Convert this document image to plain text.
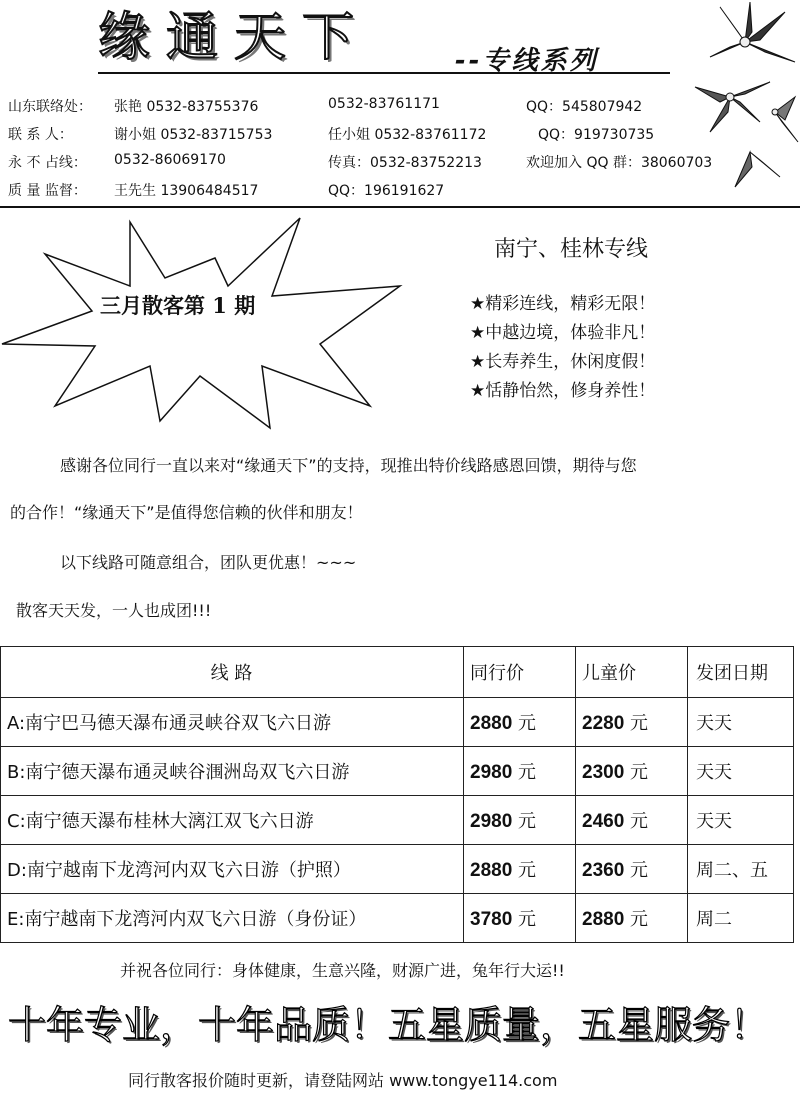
缘通天下	--专线系列
山东联络处： 张艳 0532-83755376	0532-83761171	QQ：545807942
联 系 人：	谢小姐 0532-83715753	任小姐 0532-83761172	QQ：919730735
永 不 占线： 0532-86069170	传真：0532-83752213	欢迎加入 QQ 群：38060703
质 量 监督： 王先生 13906484517	QQ：196191627
三月散客第 1 期
南宁、桂林专线
★精彩连线，精彩无限！
★中越边境，体验非凡！
★长寿养生，休闲度假！
★恬静怡然，修身养性！
感谢各位同行一直以来对“缘通天下”的支持，现推出特价线路感恩回馈，期待与您
的合作！“缘通天下”是值得您信赖的伙伴和朋友！
以下线路可随意组合，团队更优惠！~~~
散客天天发，一人也成团!!!
线 路	同行价	儿童价	发团日期
A:南宁巴马德天瀑布通灵峡谷双飞六日游	2880 元	2280 元	天天
B:南宁德天瀑布通灵峡谷涠洲岛双飞六日游	2980 元	2300 元	天天
C:南宁德天瀑布桂林大漓江双飞六日游	2980 元	2460 元	天天
D:南宁越南下龙湾河内双飞六日游（护照）	2880 元	2360 元	周二、五
E:南宁越南下龙湾河内双飞六日游（身份证）	3780 元	2880 元	周二
并祝各位同行：身体健康，生意兴隆，财源广进，兔年行大运!!
十年专业，十年品质！五星质量，五星服务！
同行散客报价随时更新，请登陆网站 www.tongye114.com
